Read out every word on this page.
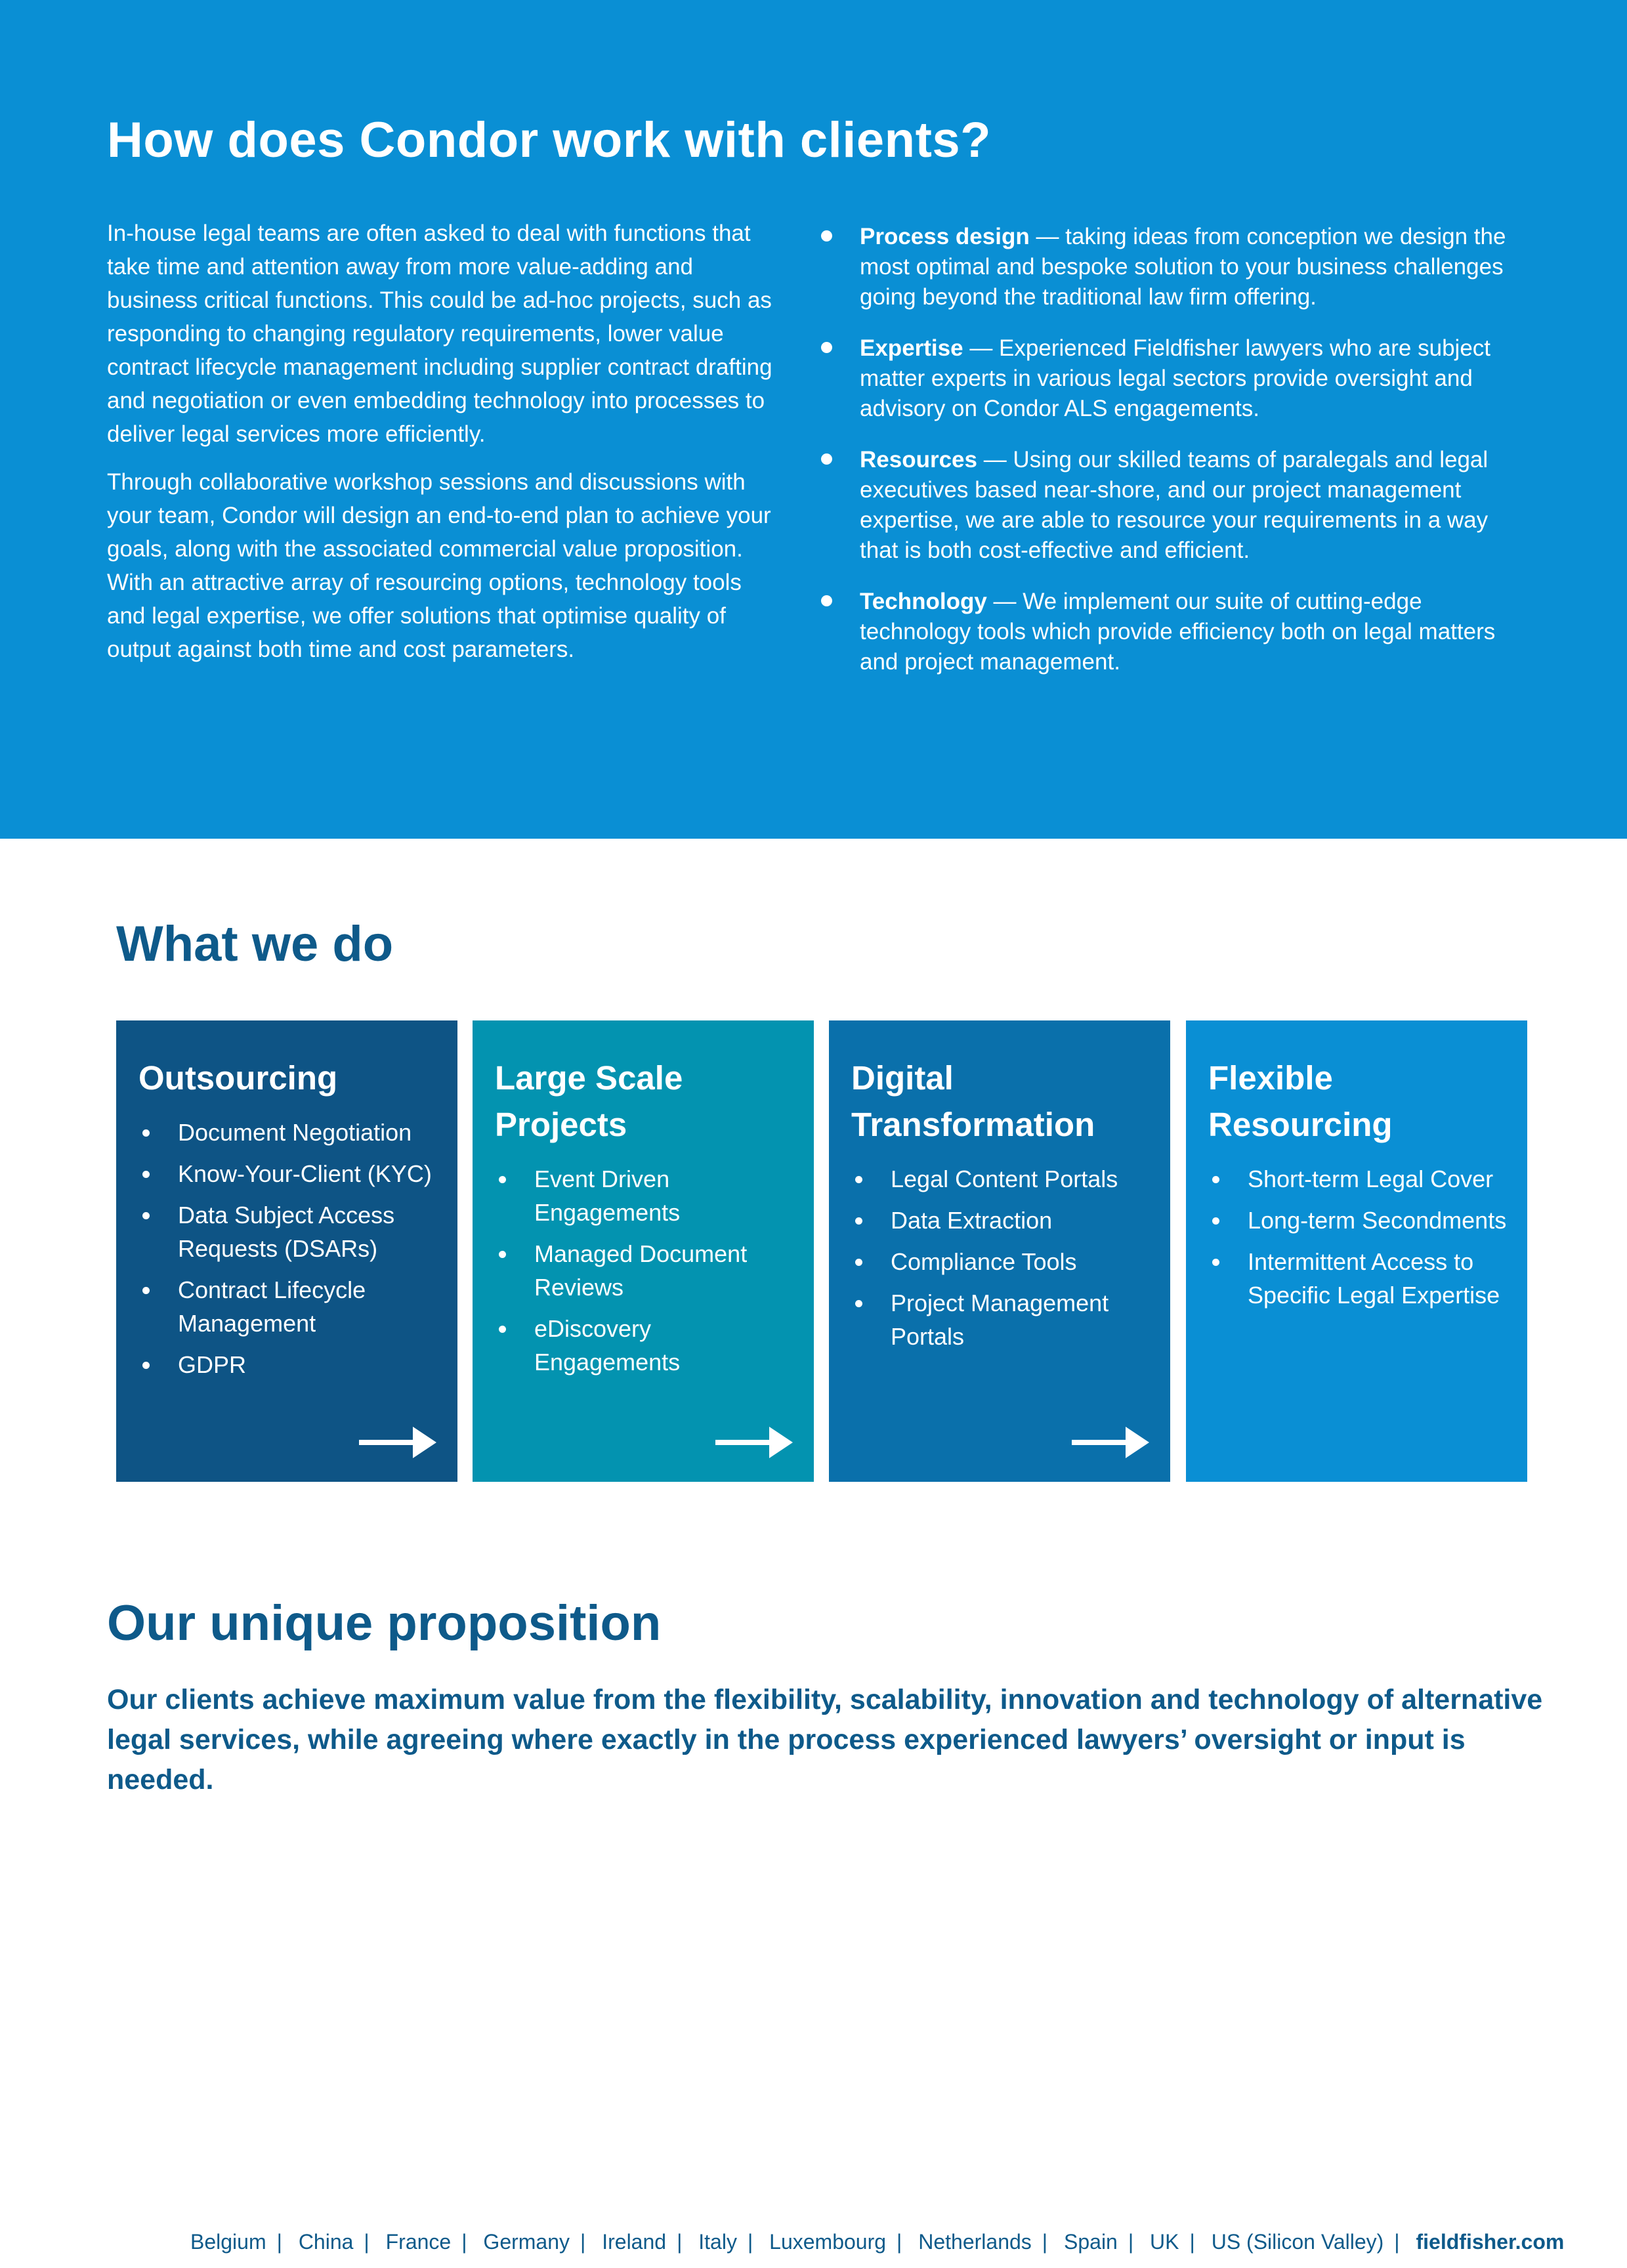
How does Condor work with clients?

In-house legal teams are often asked to deal with functions that take time and attention away from more value-adding and business critical functions. This could be ad-hoc projects, such as responding to changing regulatory requirements, lower value contract lifecycle management including supplier contract drafting and negotiation or even embedding technology into processes to deliver legal services more efficiently.

Through collaborative workshop sessions and discussions with your team, Condor will design an end-to-end plan to achieve your goals, along with the associated commercial value proposition. With an attractive array of resourcing options, technology tools and legal expertise, we offer solutions that optimise quality of output against both time and cost parameters.

Process design — taking ideas from conception we design the most optimal and bespoke solution to your business challenges going beyond the traditional law firm offering.
Expertise — Experienced Fieldfisher lawyers who are subject matter experts in various legal sectors provide oversight and advisory on Condor ALS engagements.
Resources — Using our skilled teams of paralegals and legal executives based near-shore, and our project management expertise, we are able to resource your requirements in a way that is both cost-effective and efficient.
Technology — We implement our suite of cutting-edge technology tools which provide efficiency both on legal matters and project management.
What we do
Outsourcing
Document Negotiation
Know-Your-Client (KYC)
Data Subject Access Requests (DSARs)
Contract Lifecycle Management
GDPR
Large Scale Projects
Event Driven Engagements
Managed Document Reviews
eDiscovery Engagements
Digital Transformation
Legal Content Portals
Data Extraction
Compliance Tools
Project Management Portals
Flexible Resourcing
Short-term Legal Cover
Long-term Secondments
Intermittent Access to Specific Legal Expertise
Our unique proposition

Our clients achieve maximum value from the flexibility, scalability, innovation and technology of alternative legal services, while agreeing where exactly in the process experienced lawyers’ oversight or input is needed.

Belgium | China | France | Germany | Ireland | Italy | Luxembourg | Netherlands | Spain | UK | US (Silicon Valley) | fieldfisher.com
